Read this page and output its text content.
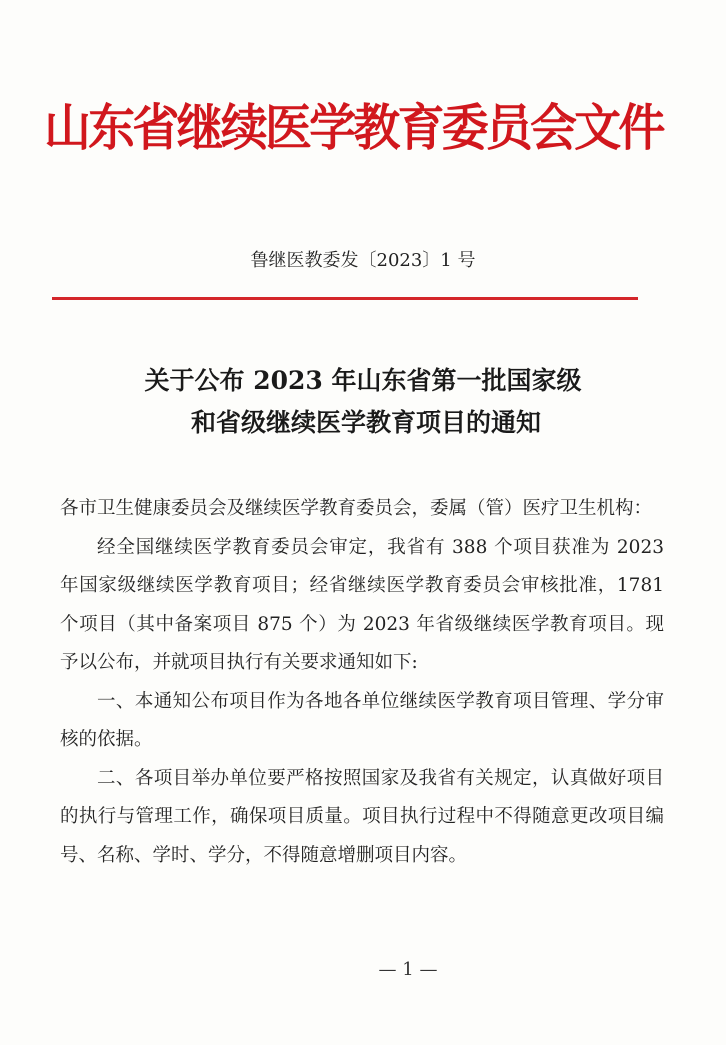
山东省继续医学教育委员会文件
鲁继医教委发〔2023〕1 号
关于公布 2023 年山东省第一批国家级
和省级继续医学教育项目的通知

各市卫生健康委员会及继续医学教育委员会，委属（管）医疗卫生机构：

经全国继续医学教育委员会审定，我省有 388 个项目获准为 2023 年国家级继续医学教育项目；经省继续医学教育委员会审核批准，1781 个项目（其中备案项目 875 个）为 2023 年省级继续医学教育项目。现予以公布，并就项目执行有关要求通知如下:

一、本通知公布项目作为各地各单位继续医学教育项目管理、学分审核的依据。

二、各项目举办单位要严格按照国家及我省有关规定，认真做好项目的执行与管理工作，确保项目质量。项目执行过程中不得随意更改项目编号、名称、学时、学分，不得随意增删项目内容。

— 1 —
